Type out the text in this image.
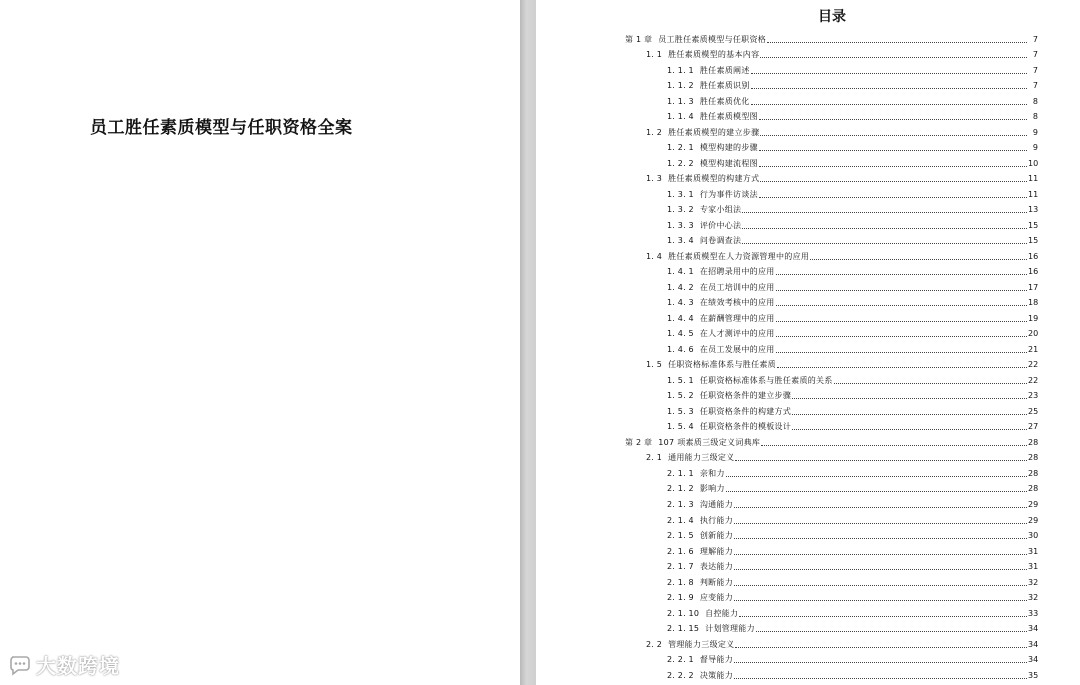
员工胜任素质模型与任职资格全案
目录
第 1 章 员工胜任素质模型与任职资格	7
1. 1 胜任素质模型的基本内容	7
1. 1. 1 胜任素质阐述	7
1. 1. 2 胜任素质识别	7
1. 1. 3 胜任素质优化	8
1. 1. 4 胜任素质模型图	8
1. 2 胜任素质模型的建立步骤	9
1. 2. 1 模型构建的步骤	9
1. 2. 2 模型构建流程图	10
1. 3 胜任素质模型的构建方式	11
1. 3. 1 行为事件访谈法	11
1. 3. 2 专家小组法	13
1. 3. 3 评价中心法	15
1. 3. 4 问卷调查法	15
1. 4 胜任素质模型在人力资源管理中的应用	16
1. 4. 1 在招聘录用中的应用	16
1. 4. 2 在员工培训中的应用	17
1. 4. 3 在绩效考核中的应用	18
1. 4. 4 在薪酬管理中的应用	19
1. 4. 5 在人才测评中的应用	20
1. 4. 6 在员工发展中的应用	21
1. 5 任职资格标准体系与胜任素质	22
1. 5. 1 任职资格标准体系与胜任素质的关系	22
1. 5. 2 任职资格条件的建立步骤	23
1. 5. 3 任职资格条件的构建方式	25
1. 5. 4 任职资格条件的模板设计	27
第 2 章 107 项素质三级定义词典库	28
2. 1 通用能力三级定义	28
2. 1. 1 亲和力	28
2. 1. 2 影响力	28
2. 1. 3 沟通能力	29
2. 1. 4 执行能力	29
2. 1. 5 创新能力	30
2. 1. 6 理解能力	31
2. 1. 7 表达能力	31
2. 1. 8 判断能力	32
2. 1. 9 应变能力	32
2. 1. 10 自控能力	33
2. 1. 15 计划管理能力	34
2. 2 管理能力三级定义	34
2. 2. 1 督导能力	34
2. 2. 2 决策能力	35
大数跨境
